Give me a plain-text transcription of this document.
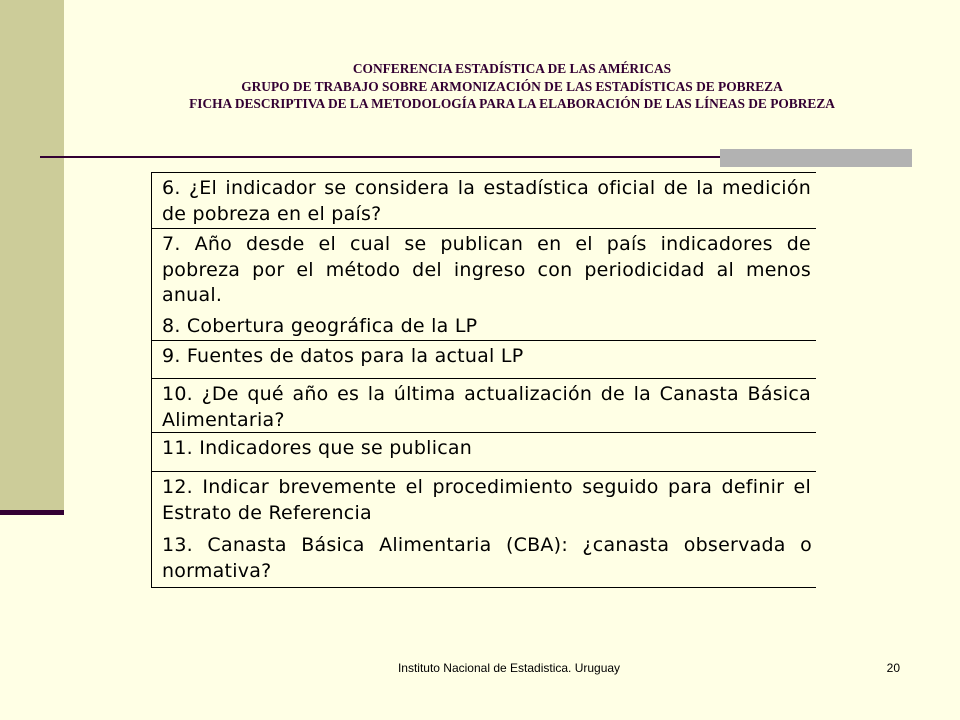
CONFERENCIA ESTADÍSTICA DE LAS AMÉRICAS
GRUPO DE TRABAJO SOBRE ARMONIZACIÓN DE LAS ESTADÍSTICAS DE POBREZA
FICHA DESCRIPTIVA DE LA METODOLOGÍA PARA LA ELABORACIÓN DE LAS LÍNEAS DE POBREZA

6. ¿El indicador se considera la estadística oficial de la medición de pobreza en el país?

7. Año desde el cual se publican en el país indicadores de pobreza por el método del ingreso con periodicidad al menos anual.

8. Cobertura geográfica de la LP

9. Fuentes de datos para la actual LP

10. ¿De qué año es la última actualización de la Canasta Básica Alimentaria?

11. Indicadores que se publican

12. Indicar brevemente el procedimiento seguido para definir el Estrato de Referencia

13. Canasta Básica Alimentaria (CBA): ¿canasta observada o normativa?

Instituto Nacional de Estadistica. Uruguay	20
